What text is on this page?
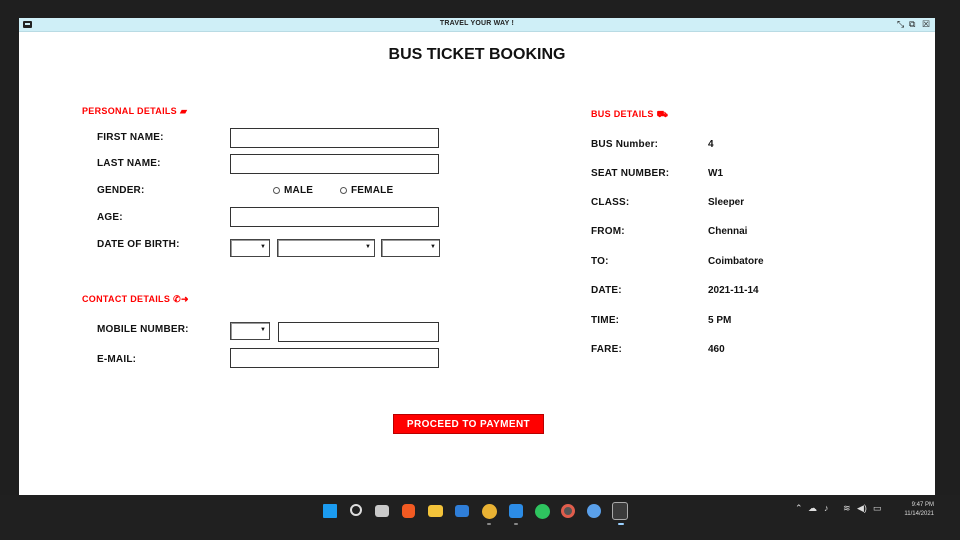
TRAVEL YOUR WAY !	⤡ ⧉ ☒
BUS TICKET BOOKING
PERSONAL DETAILS ▰
FIRST NAME:
LAST NAME:
GENDER:	MALE	FEMALE
AGE:
DATE OF BIRTH:	▼	▼	▼
CONTACT DETAILS ✆➜
MOBILE NUMBER:	▼
E-MAIL:
BUS DETAILS ⛟
BUS Number:	4
SEAT NUMBER:	W1
CLASS:	Sleeper
FROM:	Chennai
TO:	Coimbatore
DATE:	2021-11-14
TIME:	5 PM
FARE:	460
PROCEED TO PAYMENT
⌃ ☁ ♪ ≋ ◀) ▭	9:47 PM
11/14/2021
